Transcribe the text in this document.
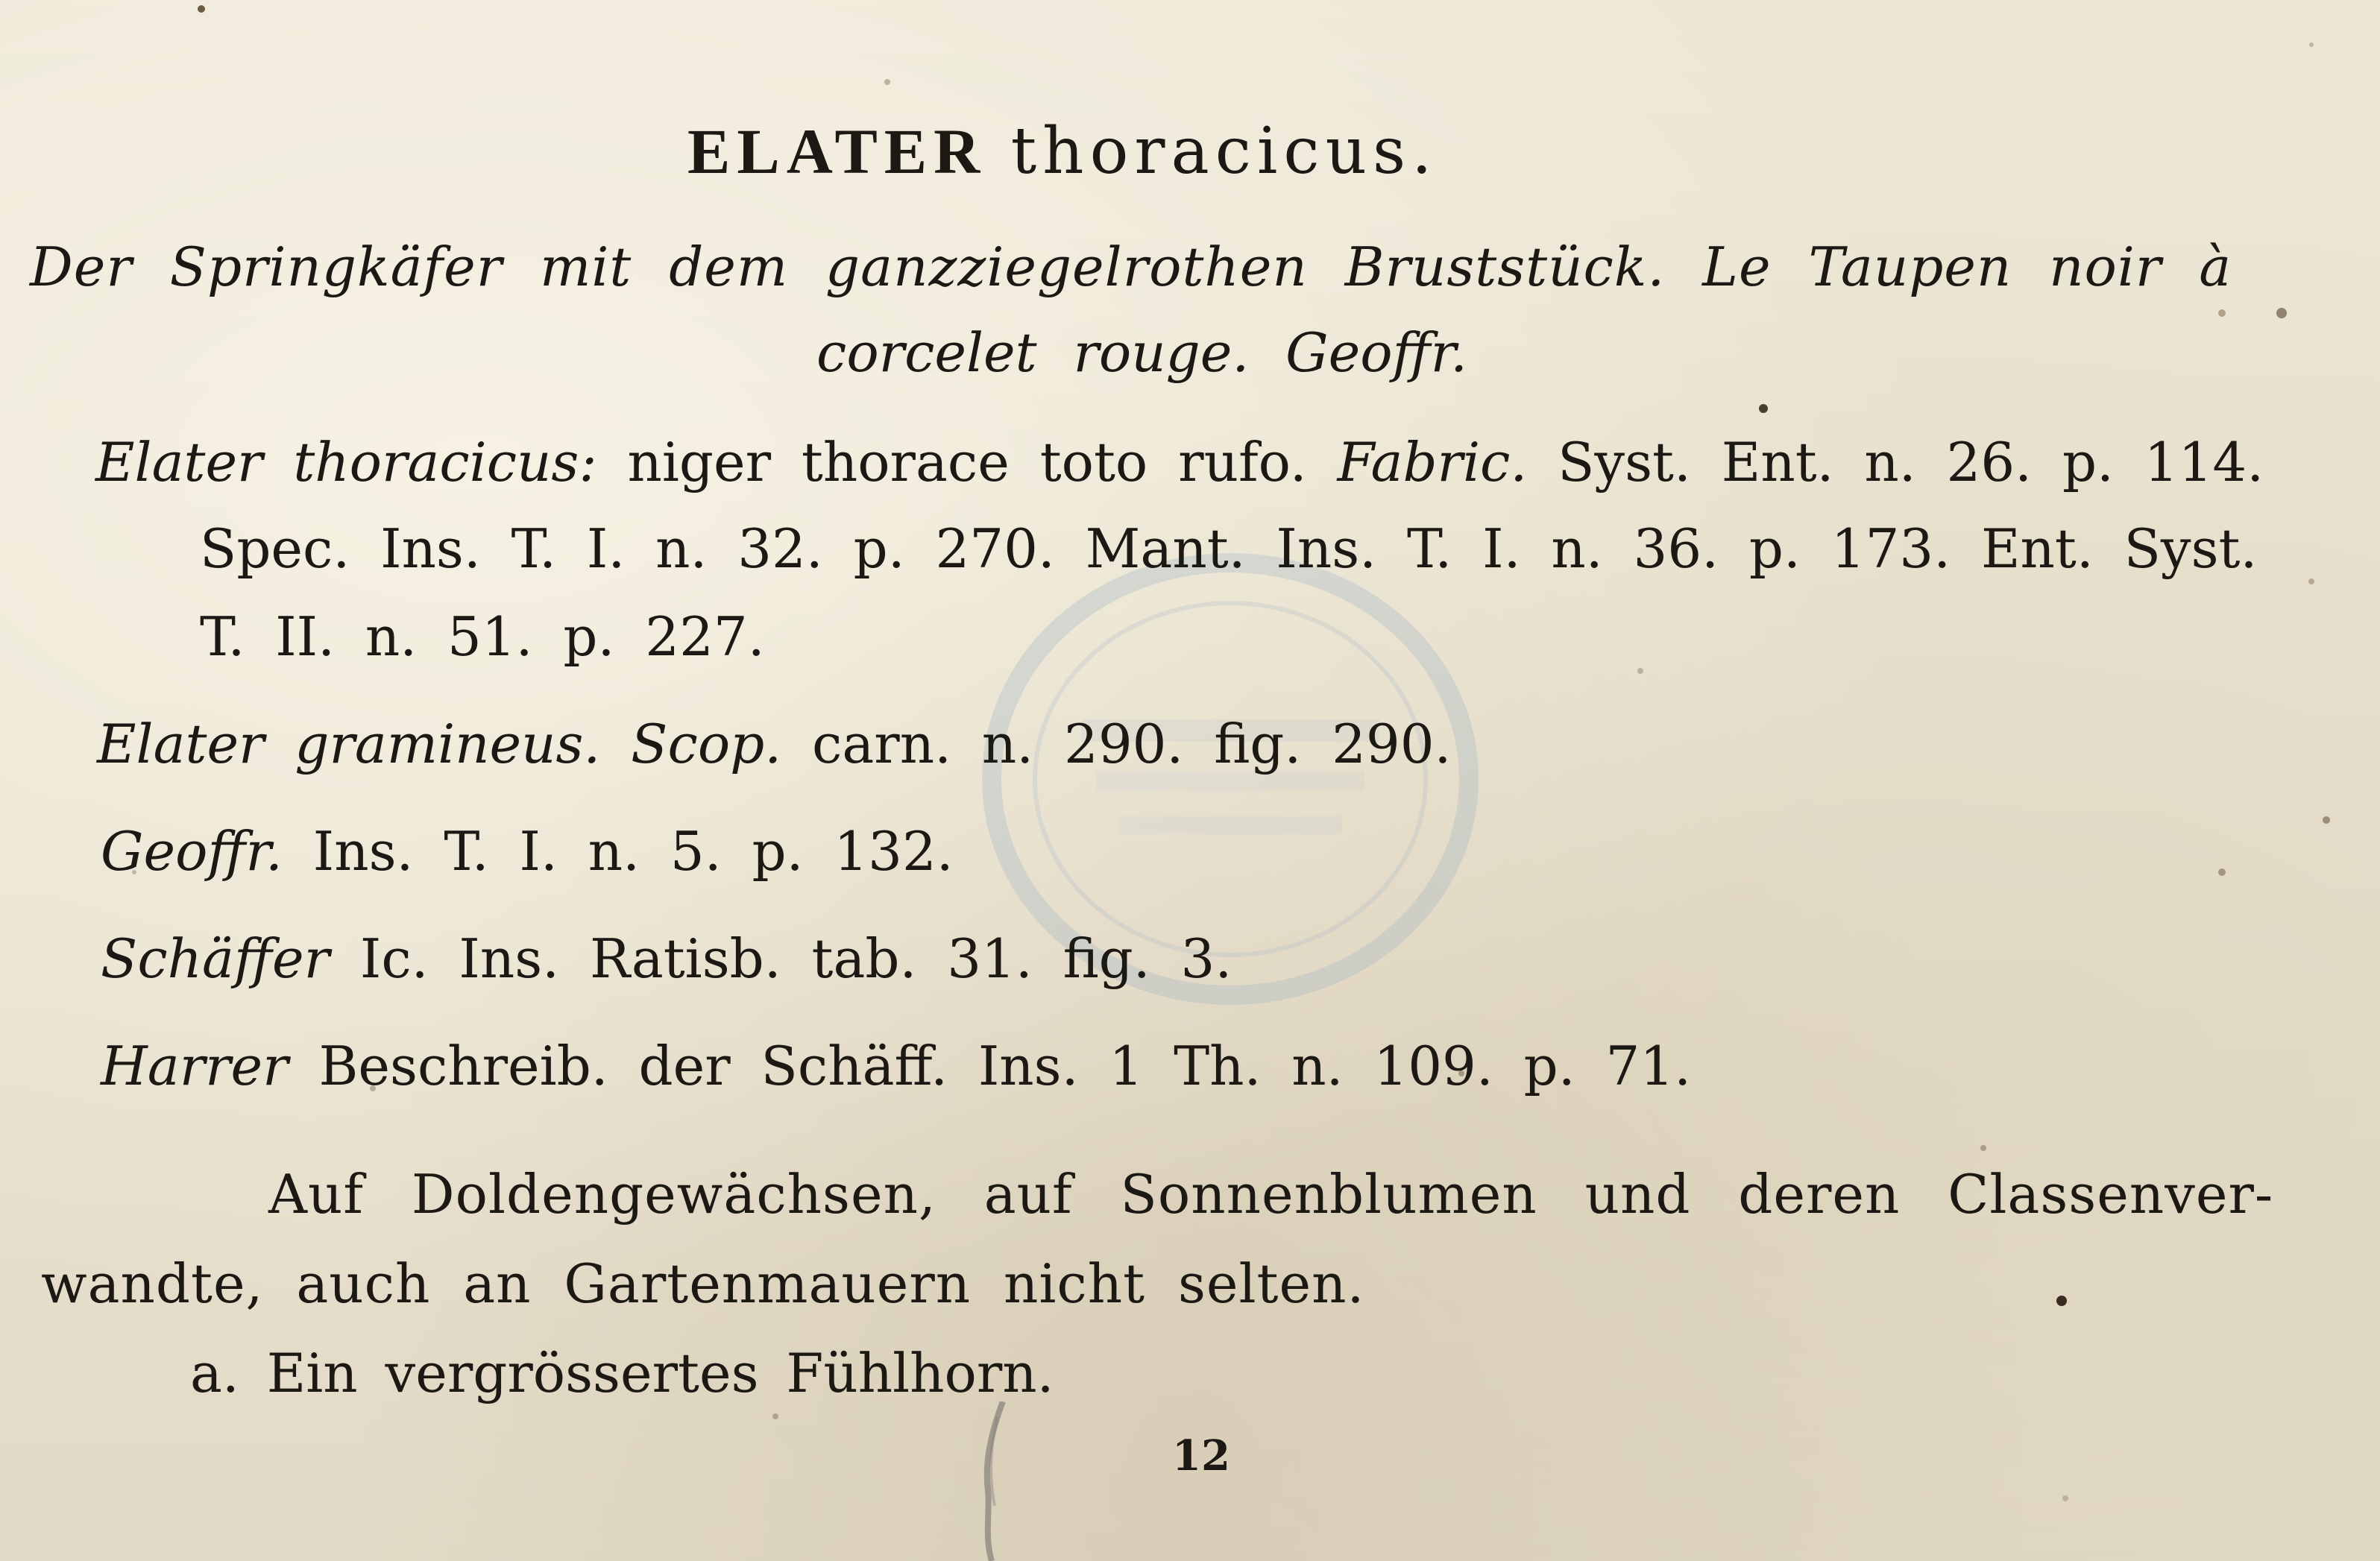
ELATER thoracicus.

Der Springkäfer mit dem ganzziegelrothen Bruststück. Le Taupen noir à

corcelet rouge. Geoffr.

Elater thoracicus: niger thorace toto rufo. Fabric. Syst. Ent. n. 26. p. 114.

Spec. Ins. T. I. n. 32. p. 270. Mant. Ins. T. I. n. 36. p. 173. Ent. Syst.

T. II. n. 51. p. 227.

Elater gramineus. Scop. carn. n. 290. fig. 290.

Geoffr. Ins. T. I. n. 5. p. 132.

Schäffer Ic. Ins. Ratisb. tab. 31. fig. 3.

Harrer Beschreib. der Schäff. Ins. 1 Th. n. 109. p. 71.

Auf Doldengewächsen, auf Sonnenblumen und deren Classenver-

wandte, auch an Gartenmauern nicht selten.

a. Ein vergrössertes Fühlhorn.

12
